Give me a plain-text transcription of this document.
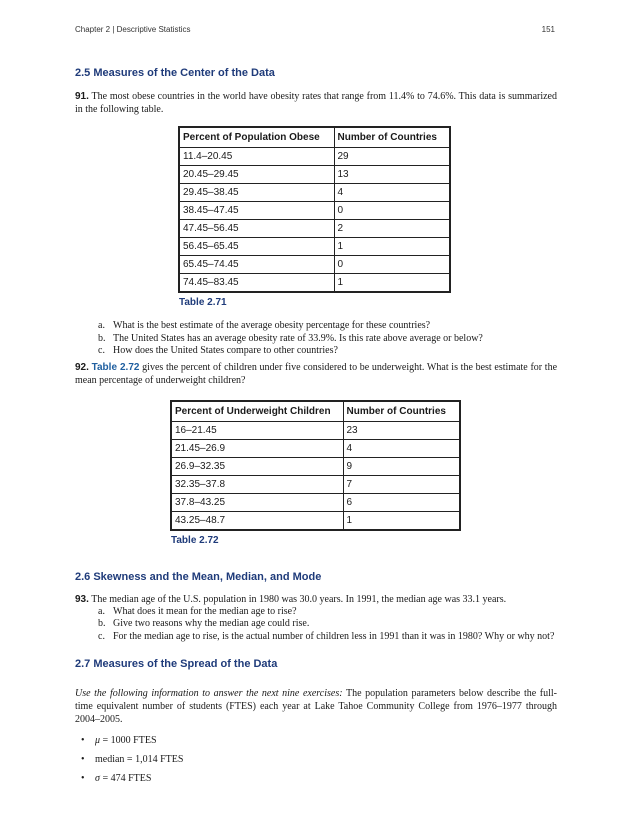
Chapter 2 | Descriptive Statistics	151
2.5 Measures of the Center of the Data

91. The most obese countries in the world have obesity rates that range from 11.4% to 74.6%. This data is summarized in the following table.

Percent of Population Obese	Number of Countries
11.4–20.45	29
20.45–29.45	13
29.45–38.45	4
38.45–47.45	0
47.45–56.45	2
56.45–65.45	1
65.45–74.45	0
74.45–83.45	1
Table 2.71
a. What is the best estimate of the average obesity percentage for these countries?
b. The United States has an average obesity rate of 33.9%. Is this rate above average or below?
c. How does the United States compare to other countries?

92. Table 2.72 gives the percent of children under five considered to be underweight. What is the best estimate for the mean percentage of underweight children?

Percent of Underweight Children	Number of Countries
16–21.45	23
21.45–26.9	4
26.9–32.35	9
32.35–37.8	7
37.8–43.25	6
43.25–48.7	1
Table 2.72
2.6 Skewness and the Mean, Median, and Mode

93. The median age of the U.S. population in 1980 was 30.0 years. In 1991, the median age was 33.1 years.

a. What does it mean for the median age to rise?
b. Give two reasons why the median age could rise.
c. For the median age to rise, is the actual number of children less in 1991 than it was in 1980? Why or why not?
2.7 Measures of the Spread of the Data

Use the following information to answer the next nine exercises: The population parameters below describe the full-time equivalent number of students (FTES) each year at Lake Tahoe Community College from 1976–1977 through 2004–2005.

•	μ = 1000 FTES
•	median = 1,014 FTES
•	σ = 474 FTES
